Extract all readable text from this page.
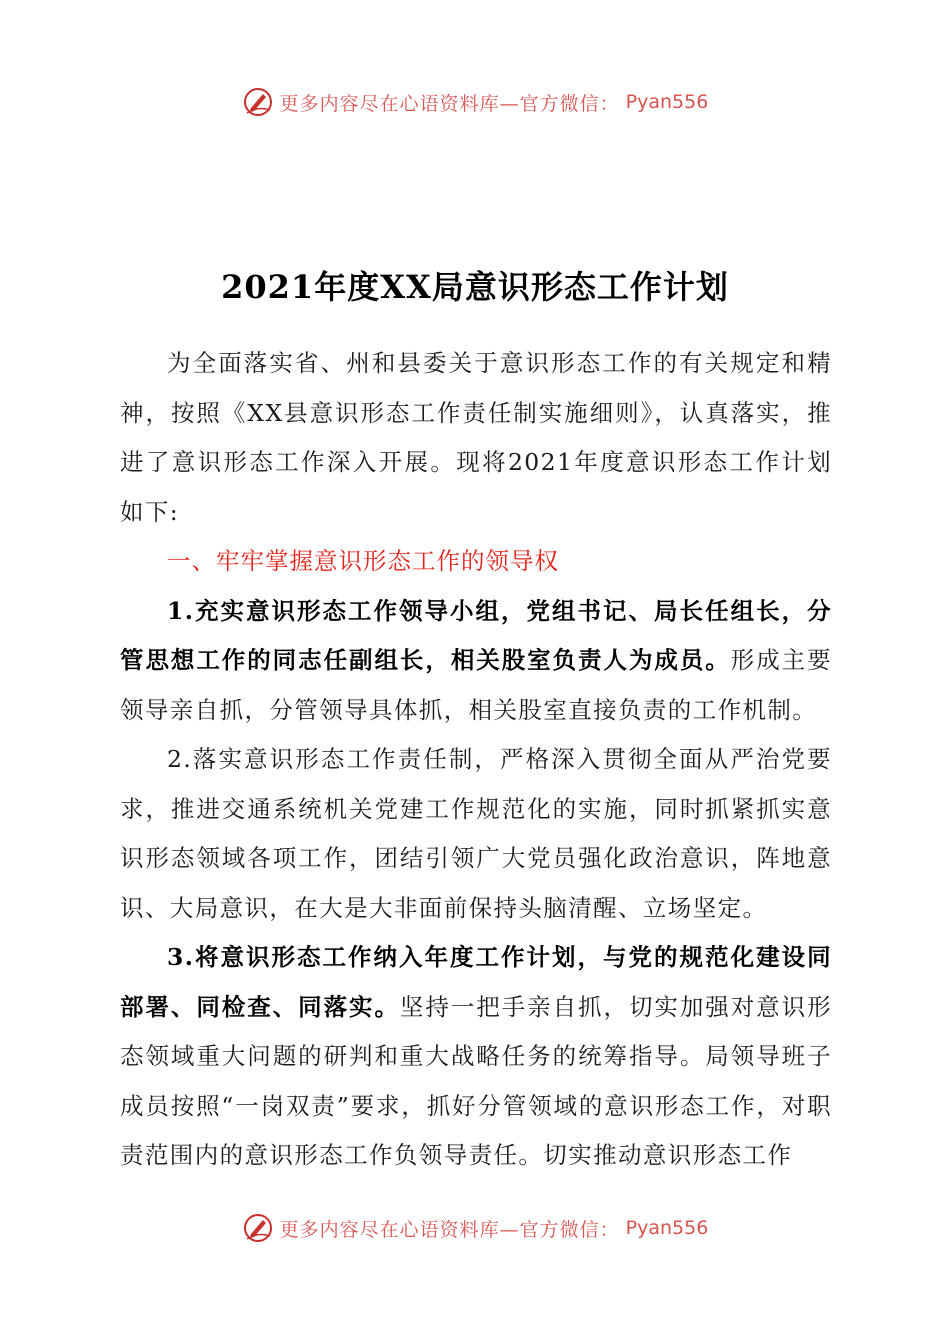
更多内容尽在心语资料库—官方微信： Pyan556
2021年度XX局意识形态工作计划

为全面落实省、州和县委关于意识形态工作的有关规定和精神，按照《XX县意识形态工作责任制实施细则》，认真落实，推进了意识形态工作深入开展。现将2021年度意识形态工作计划如下:

一、牢牢掌握意识形态工作的领导权

1.充实意识形态工作领导小组，党组书记、局长任组长，分管思想工作的同志任副组长，相关股室负责人为成员。形成主要领导亲自抓，分管领导具体抓，相关股室直接负责的工作机制。

2.落实意识形态工作责任制，严格深入贯彻全面从严治党要求，推进交通系统机关党建工作规范化的实施，同时抓紧抓实意识形态领域各项工作，团结引领广大党员强化政治意识，阵地意识、大局意识，在大是大非面前保持头脑清醒、立场坚定。

3.将意识形态工作纳入年度工作计划，与党的规范化建设同部署、同检查、同落实。坚持一把手亲自抓，切实加强对意识形态领域重大问题的研判和重大战略任务的统筹指导。局领导班子成员按照“一岗双责”要求，抓好分管领域的意识形态工作，对职责范围内的意识形态工作负领导责任。切实推动意识形态工作

更多内容尽在心语资料库—官方微信： Pyan556
